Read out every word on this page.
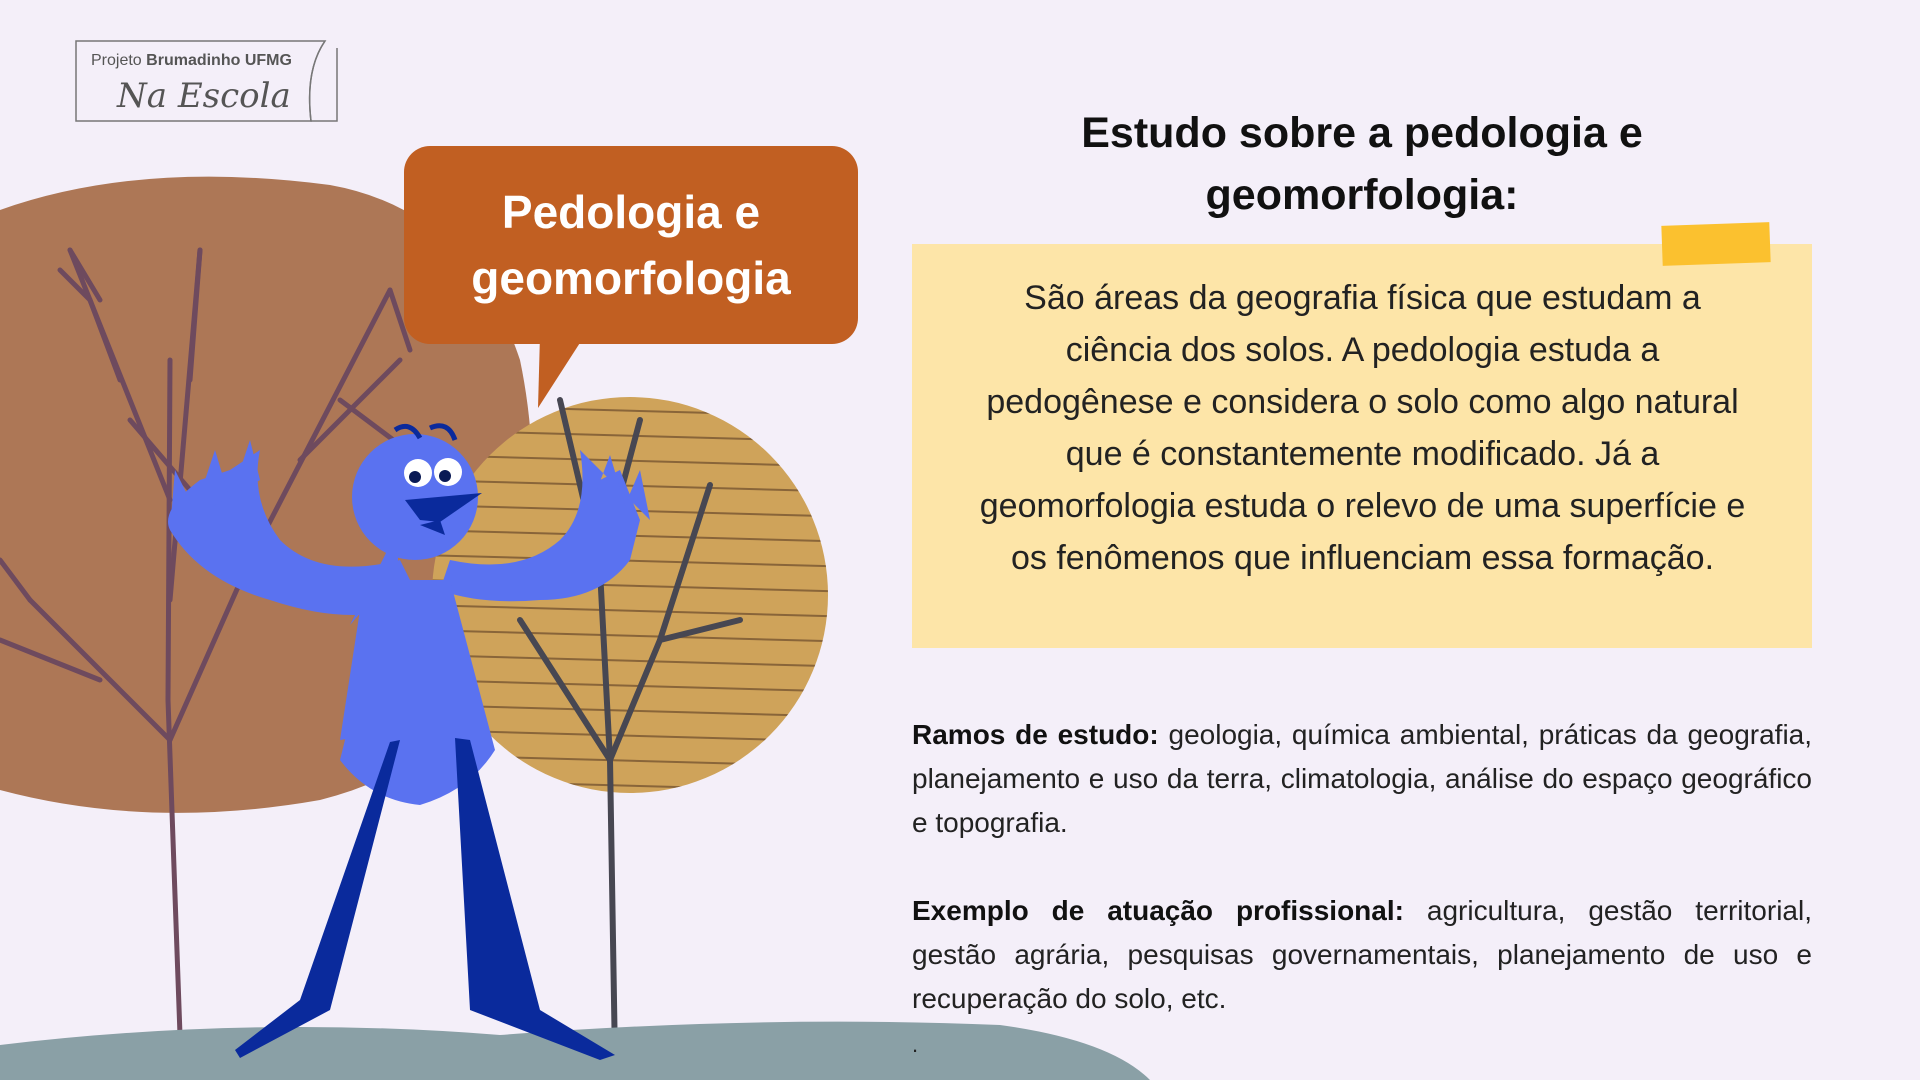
Projeto Brumadinho UFMG
Na Escola
Pedologia e
geomorfologia
Estudo sobre a pedologia e
geomorfologia:
São áreas da geografia física que estudam a ciência dos solos. A pedologia estuda a pedogênese e considera o solo como algo natural que é constantemente modificado. Já a geomorfologia estuda o relevo de uma superfície e os fenômenos que influenciam essa formação.
Ramos de estudo: geologia, química ambiental, práticas da geografia, planejamento e uso da terra, climatologia, análise do espaço geográfico e topografia.
Exemplo de atuação profissional: agricultura, gestão territorial, gestão agrária, pesquisas governamentais, planejamento de uso e recuperação do solo, etc.
.
